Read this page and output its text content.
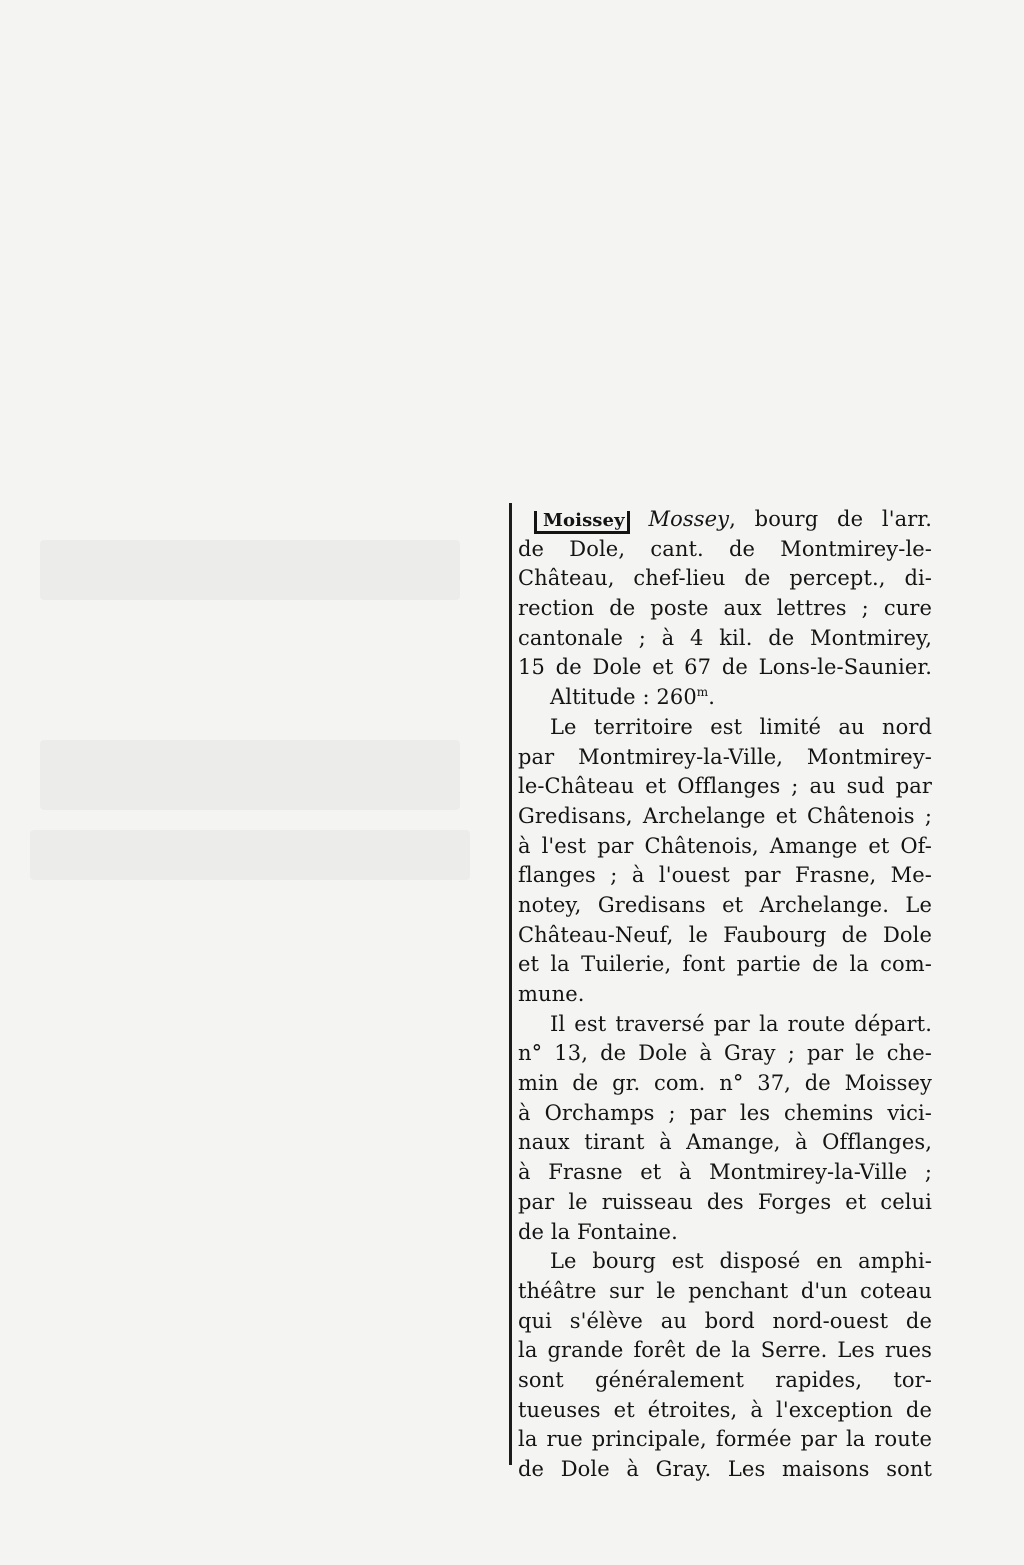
Moissey Mossey, bourg de l'arr.
de Dole, cant. de Montmirey-le-
Château, chef-lieu de percept., di-
rection de poste aux lettres ; cure
cantonale ; à 4 kil. de Montmirey,
15 de Dole et 67 de Lons-le-Saunier.
Altitude : 260$^m$.
Le territoire est limité au nord
par Montmirey-la-Ville, Montmirey-
le-Château et Offlanges ; au sud par
Gredisans, Archelange et Châtenois ;
à l'est par Châtenois, Amange et Of-
flanges ; à l'ouest par Frasne, Me-
notey, Gredisans et Archelange. Le
Château-Neuf, le Faubourg de Dole
et la Tuilerie, font partie de la com-
mune.
Il est traversé par la route départ.
n° 13, de Dole à Gray ; par le che-
min de gr. com. n° 37, de Moissey
à Orchamps ; par les chemins vici-
naux tirant à Amange, à Offlanges,
à Frasne et à Montmirey-la-Ville ;
par le ruisseau des Forges et celui
de la Fontaine.
Le bourg est disposé en amphi-
théâtre sur le penchant d'un coteau
qui s'élève au bord nord-ouest de
la grande forêt de la Serre. Les rues
sont généralement rapides, tor-
tueuses et étroites, à l'exception de
la rue principale, formée par la route
de Dole à Gray. Les maisons sont
